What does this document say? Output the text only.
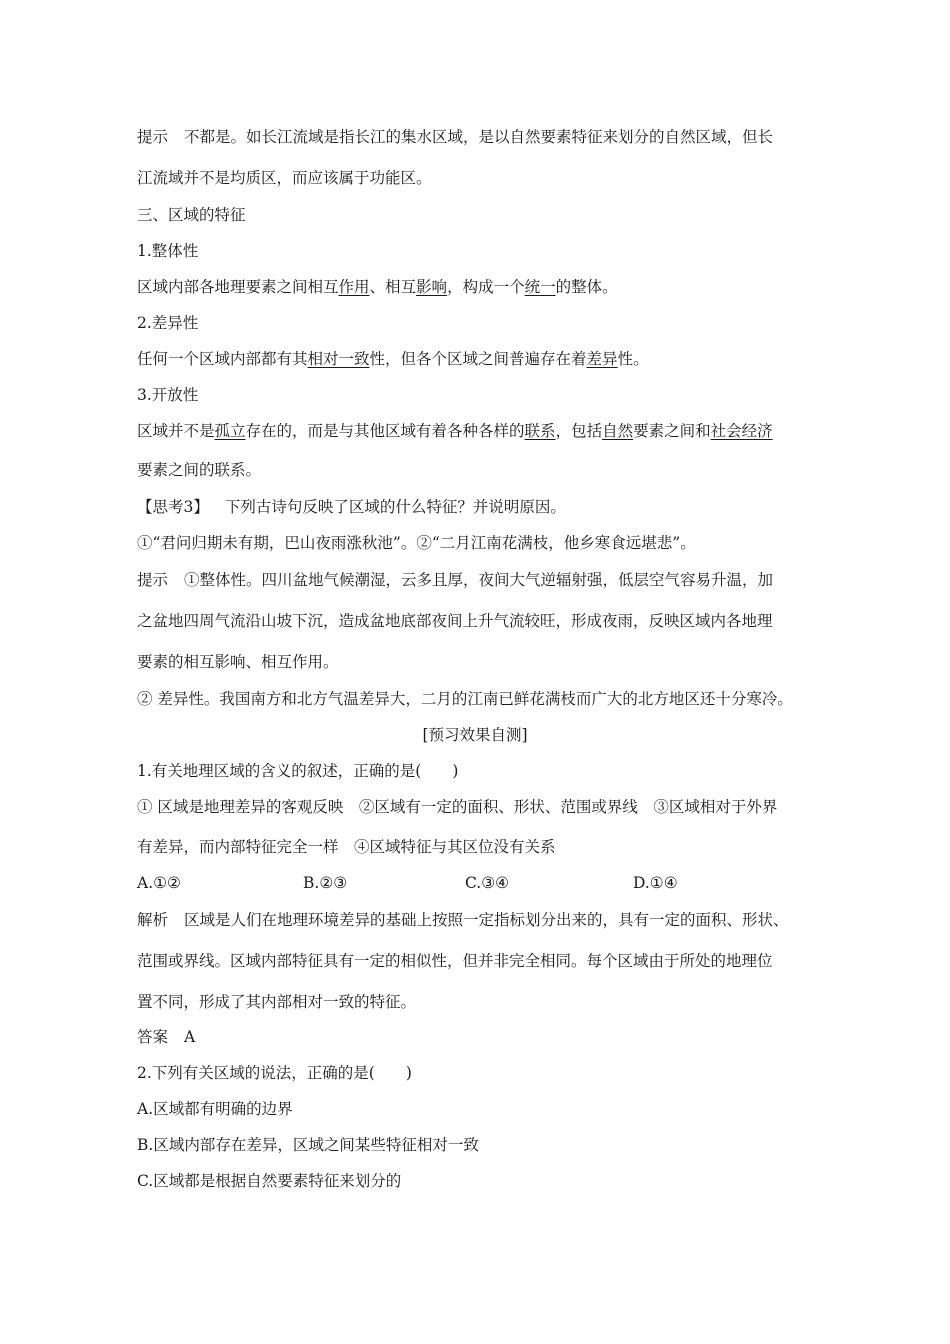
提示 不都是。如长江流域是指长江的集水区域，是以自然要素特征来划分的自然区域，但长
江流域并不是均质区，而应该属于功能区。
三、区域的特征
1.整体性
区域内部各地理要素之间相互作用、相互影响，构成一个统一的整体。
2.差异性
任何一个区域内部都有其相对一致性，但各个区域之间普遍存在着差异性。
3.开放性
区域并不是孤立存在的，而是与其他区域有着各种各样的联系，包括自然要素之间和社会经济
要素之间的联系。
【思考3】 下列古诗句反映了区域的什么特征？并说明原因。
①“君问归期未有期，巴山夜雨涨秋池”。②“二月江南花满枝，他乡寒食远堪悲”。
提示 ①整体性。四川盆地气候潮湿，云多且厚，夜间大气逆辐射强，低层空气容易升温，加
之盆地四周气流沿山坡下沉，造成盆地底部夜间上升气流较旺，形成夜雨，反映区域内各地理
要素的相互影响、相互作用。
② 差异性。我国南方和北方气温差异大，二月的江南已鲜花满枝而广大的北方地区还十分寒冷。
[预习效果自测]
1.有关地理区域的含义的叙述，正确的是(　　)
① 区域是地理差异的客观反映　②区域有一定的面积、形状、范围或界线　③区域相对于外界
有差异，而内部特征完全一样　④区域特征与其区位没有关系
A.①②	B.②③	C.③④	D.①④
解析 区域是人们在地理环境差异的基础上按照一定指标划分出来的，具有一定的面积、形状、
范围或界线。区域内部特征具有一定的相似性，但并非完全相同。每个区域由于所处的地理位
置不同，形成了其内部相对一致的特征。
答案 A
2.下列有关区域的说法，正确的是(　　)
A.区域都有明确的边界
B.区域内部存在差异，区域之间某些特征相对一致
C.区域都是根据自然要素特征来划分的
